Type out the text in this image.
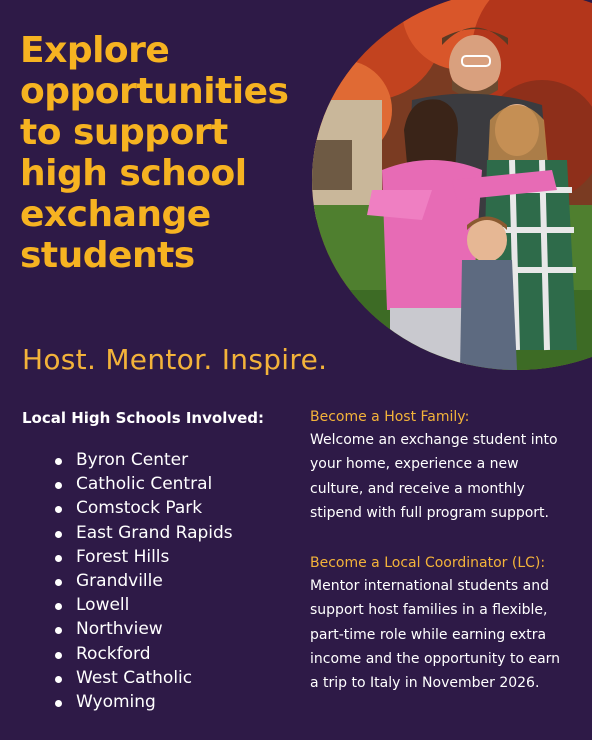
Explore
opportunities
to support
high school
exchange
students

Host. Mentor. Inspire.

Local High Schools Involved:
Byron Center
Catholic Central
Comstock Park
East Grand Rapids
Forest Hills
Grandville
Lowell
Northview
Rockford
West Catholic
Wyoming

Become a Host Family:

Welcome an exchange student into
your home, experience a new
culture, and receive a monthly
stipend with full program support.

Become a Local Coordinator (LC):

Mentor international students and
support host families in a flexible,
part-time role while earning extra
income and the opportunity to earn
a trip to Italy in November 2026.
